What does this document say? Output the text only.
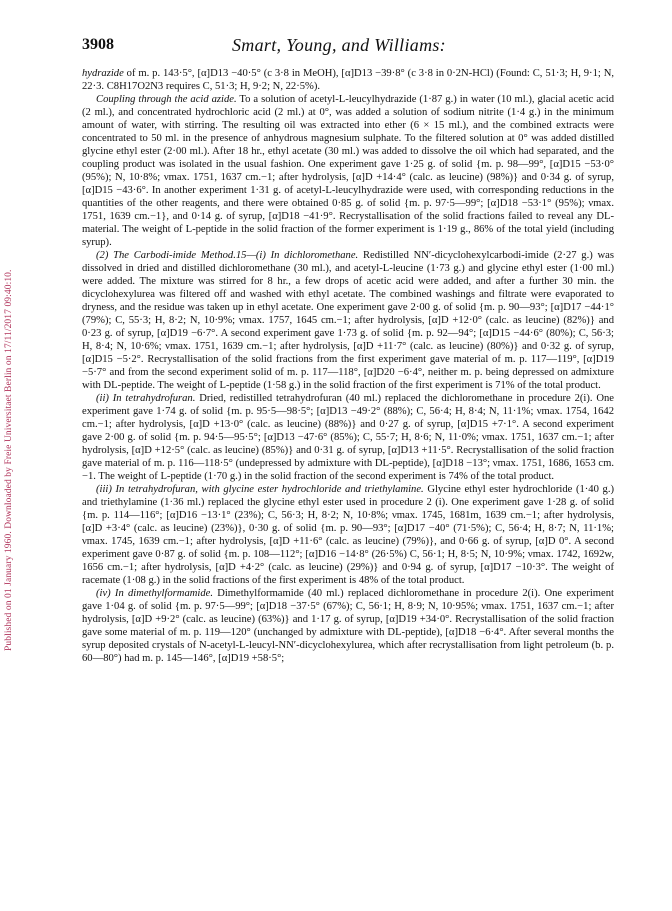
Published on 01 January 1960. Downloaded by Freie Universitaet Berlin on 17/11/2017 09:40:10.
3908	Smart, Young, and Williams:

hydrazide of m. p. 143·5°, [α]D13 −40·5° (c 3·8 in MeOH), [α]D13 −39·8° (c 3·8 in 0·2N-HCl) (Found: C, 51·3; H, 9·1; N, 22·3. C8H17O2N3 requires C, 51·3; H, 9·2; N, 22·5%).

Coupling through the acid azide. To a solution of acetyl-L-leucylhydrazide (1·87 g.) in water (10 ml.), glacial acetic acid (2 ml.), and concentrated hydrochloric acid (2 ml.) at 0°, was added a solution of sodium nitrite (1·4 g.) in the minimum amount of water, with stirring. The resulting oil was extracted into ether (6 × 15 ml.), and the combined extracts were concentrated to 50 ml. in the presence of anhydrous magnesium sulphate. To the filtered solution at 0° was added distilled glycine ethyl ester (2·00 ml.). After 18 hr., ethyl acetate (30 ml.) was added to dissolve the oil which had separated, and the coupling product was isolated in the usual fashion. One experiment gave 1·25 g. of solid {m. p. 98—99°, [α]D15 −53·0° (95%); N, 10·8%; νmax. 1751, 1637 cm.−1; after hydrolysis, [α]D +14·4° (calc. as leucine) (98%)} and 0·34 g. of syrup, [α]D15 −43·6°. In another experiment 1·31 g. of acetyl-L-leucylhydrazide were used, with corresponding reductions in the quantities of the other reagents, and there were obtained 0·85 g. of solid {m. p. 97·5—99°; [α]D18 −53·1° (95%); νmax. 1751, 1639 cm.−1}, and 0·14 g. of syrup, [α]D18 −41·9°. Recrystallisation of the solid fractions failed to reveal any DL-material. The weight of L-peptide in the solid fraction of the former experiment is 1·19 g., 86% of the total yield (including syrup).

(2) The Carbodi-imide Method.15—(i) In dichloromethane. Redistilled NN′-dicyclohexylcarbodi-imide (2·27 g.) was dissolved in dried and distilled dichloromethane (30 ml.), and acetyl-L-leucine (1·73 g.) and glycine ethyl ester (1·00 ml.) were added. The mixture was stirred for 8 hr., a few drops of acetic acid were added, and after a further 30 min. the dicyclohexylurea was filtered off and washed with ethyl acetate. The combined washings and filtrate were evaporated to dryness, and the residue was taken up in ethyl acetate. One experiment gave 2·00 g. of solid {m. p. 90—93°; [α]D17 −44·1° (79%); C, 55·3; H, 8·2; N, 10·9%; νmax. 1757, 1645 cm.−1; after hydrolysis, [α]D +12·0° (calc. as leucine) (82%)} and 0·23 g. of syrup, [α]D19 −6·7°. A second experiment gave 1·73 g. of solid {m. p. 92—94°; [α]D15 −44·6° (80%); C, 56·3; H, 8·4; N, 10·6%; νmax. 1751, 1639 cm.−1; after hydrolysis, [α]D +11·7° (calc. as leucine) (80%)} and 0·32 g. of syrup, [α]D15 −5·2°. Recrystallisation of the solid fractions from the first experiment gave material of m. p. 117—119°, [α]D19 −5·7° and from the second experiment solid of m. p. 117—118°, [α]D20 −6·4°, neither m. p. being depressed on admixture with DL-peptide. The weight of L-peptide (1·58 g.) in the solid fraction of the first experiment is 71% of the total product.

(ii) In tetrahydrofuran. Dried, redistilled tetrahydrofuran (40 ml.) replaced the dichloromethane in procedure 2(i). One experiment gave 1·74 g. of solid {m. p. 95·5—98·5°; [α]D13 −49·2° (88%); C, 56·4; H, 8·4; N, 11·1%; νmax. 1754, 1642 cm.−1; after hydrolysis, [α]D +13·0° (calc. as leucine) (88%)} and 0·27 g. of syrup, [α]D15 +7·1°. A second experiment gave 2·00 g. of solid {m. p. 94·5—95·5°; [α]D13 −47·6° (85%); C, 55·7; H, 8·6; N, 11·0%; νmax. 1751, 1637 cm.−1; after hydrolysis, [α]D +12·5° (calc. as leucine) (85%)} and 0·31 g. of syrup, [α]D13 +11·5°. Recrystallisation of the solid fraction gave material of m. p. 116—118·5° (undepressed by admixture with DL-peptide), [α]D18 −13°; νmax. 1751, 1686, 1653 cm.−1. The weight of L-peptide (1·70 g.) in the solid fraction of the second experiment is 74% of the total product.

(iii) In tetrahydrofuran, with glycine ester hydrochloride and triethylamine. Glycine ethyl ester hydrochloride (1·40 g.) and triethylamine (1·36 ml.) replaced the glycine ethyl ester used in procedure 2 (i). One experiment gave 1·28 g. of solid {m. p. 114—116°; [α]D16 −13·1° (23%); C, 56·3; H, 8·2; N, 10·8%; νmax. 1745, 1681m, 1639 cm.−1; after hydrolysis, [α]D +3·4° (calc. as leucine) (23%)}, 0·30 g. of solid {m. p. 90—93°; [α]D17 −40° (71·5%); C, 56·4; H, 8·7; N, 11·1%; νmax. 1745, 1639 cm.−1; after hydrolysis, [α]D +11·6° (calc. as leucine) (79%)}, and 0·66 g. of syrup, [α]D 0°. A second experiment gave 0·87 g. of solid {m. p. 108—112°; [α]D16 −14·8° (26·5%) C, 56·1; H, 8·5; N, 10·9%; νmax. 1742, 1692w, 1656 cm.−1; after hydrolysis, [α]D +4·2° (calc. as leucine) (29%)} and 0·94 g. of syrup, [α]D17 −10·3°. The weight of racemate (1·08 g.) in the solid fractions of the first experiment is 48% of the total product.

(iv) In dimethylformamide. Dimethylformamide (40 ml.) replaced dichloromethane in procedure 2(i). One experiment gave 1·04 g. of solid {m. p. 97·5—99°; [α]D18 −37·5° (67%); C, 56·1; H, 8·9; N, 10·95%; νmax. 1751, 1637 cm.−1; after hydrolysis, [α]D +9·2° (calc. as leucine) (63%)} and 1·17 g. of syrup, [α]D19 +34·0°. Recrystallisation of the solid fraction gave some material of m. p. 119—120° (unchanged by admixture with DL-peptide), [α]D18 −6·4°. After several months the syrup deposited crystals of N-acetyl-L-leucyl-NN′-dicyclohexylurea, which after recrystallisation from light petroleum (b. p. 60—80°) had m. p. 145—146°, [α]D19 +58·5°;
